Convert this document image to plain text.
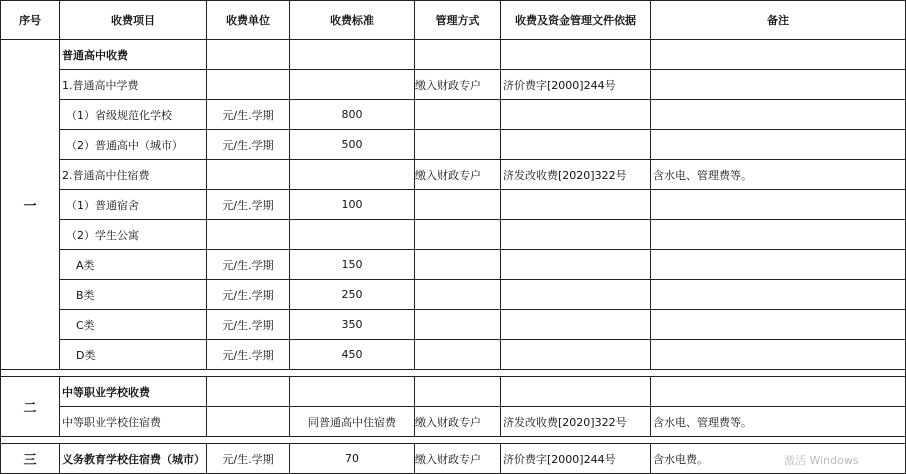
序号	收费项目	收费单位	收费标准	管理方式	收费及资金管理文件依据	备注
一	普通高中收费					
	1.普通高中学费			缴入财政专户	济价费字[2000]244号	
	（1）省级规范化学校	元/生.学期	800			
	（2）普通高中（城市）	元/生.学期	500			
	2.普通高中住宿费			缴入财政专户	济发改收费[2020]322号	含水电、管理费等。
	（1）普通宿舍	元/生.学期	100			
	（2）学生公寓					
	A类	元/生.学期	150			
	B类	元/生.学期	250			
	C类	元/生.学期	350			
	D类	元/生.学期	450			

二	中等职业学校收费					
	中等职业学校住宿费		同普通高中住宿费	缴入财政专户	济发改收费[2020]322号	含水电、管理费等。

三	义务教育学校住宿费（城市）	元/生.学期	70	缴入财政专户	济价费字[2000]244号	含水电费。	激活 Windows
